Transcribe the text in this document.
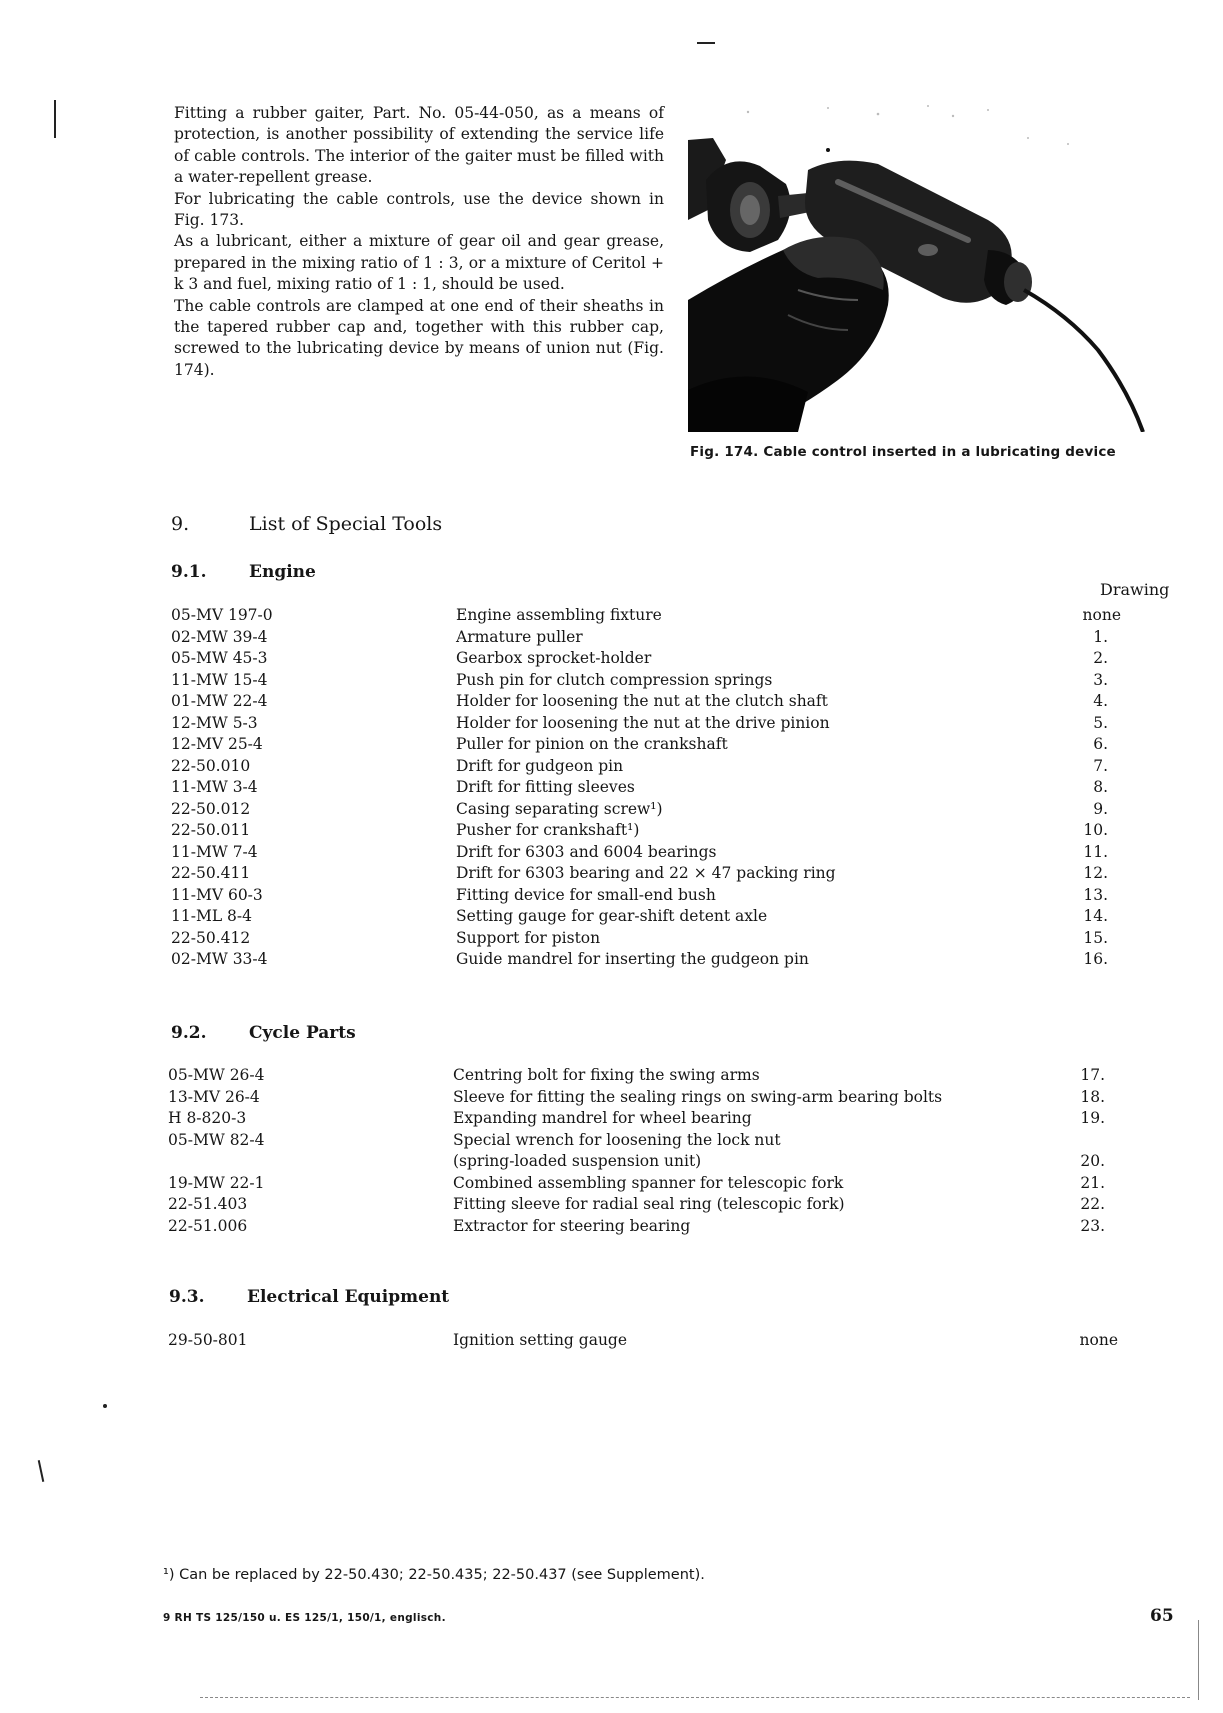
Fitting a rubber gaiter, Part. No. 05-44-050, as a means of protection, is another possibility of extending the service life of cable controls. The interior of the gaiter must be filled with a water-repellent grease.

For lubricating the cable controls, use the device shown in Fig. 173.

As a lubricant, either a mixture of gear oil and gear grease, prepared in the mixing ratio of 1 : 3, or a mixture of Ceritol + k 3 and fuel, mixing ratio of 1 : 1, should be used.

The cable controls are clamped at one end of their sheaths in the tapered rubber cap and, together with this rubber cap, screwed to the lubricating device by means of union nut (Fig. 174).

Fig. 174. Cable control inserted in a lubricating device
9.	List of Special Tools
9.1.	Engine
Drawing
05-MV 197-0	Engine assembling fixture	none
02-MW 39-4	Armature puller	1.
05-MW 45-3	Gearbox sprocket-holder	2.
11-MW 15-4	Push pin for clutch compression springs	3.
01-MW 22-4	Holder for loosening the nut at the clutch shaft	4.
12-MW 5-3	Holder for loosening the nut at the drive pinion	5.
12-MV 25-4	Puller for pinion on the crankshaft	6.
22-50.010	Drift for gudgeon pin	7.
11-MW 3-4	Drift for fitting sleeves	8.
22-50.012	Casing separating screw¹)	9.
22-50.011	Pusher for crankshaft¹)	10.
11-MW 7-4	Drift for 6303 and 6004 bearings	11.
22-50.411	Drift for 6303 bearing and 22 × 47 packing ring	12.
11-MV 60-3	Fitting device for small-end bush	13.
11-ML 8-4	Setting gauge for gear-shift detent axle	14.
22-50.412	Support for piston	15.
02-MW 33-4	Guide mandrel for inserting the gudgeon pin	16.
9.2.	Cycle Parts
05-MW 26-4	Centring bolt for fixing the swing arms	17.
13-MV 26-4	Sleeve for fitting the sealing rings on swing-arm bearing bolts	18.
H 8-820-3	Expanding mandrel for wheel bearing	19.
05-MW 82-4	Special wrench for loosening the lock nut
(spring-loaded suspension unit)	20.
19-MW 22-1	Combined assembling spanner for telescopic fork	21.
22-51.403	Fitting sleeve for radial seal ring (telescopic fork)	22.
22-51.006	Extractor for steering bearing	23.
9.3.	Electrical Equipment
29-50-801	Ignition setting gauge	none
¹) Can be replaced by 22-50.430; 22-50.435; 22-50.437 (see Supplement).
9 RH TS 125/150 u. ES 125/1, 150/1, englisch.	65
